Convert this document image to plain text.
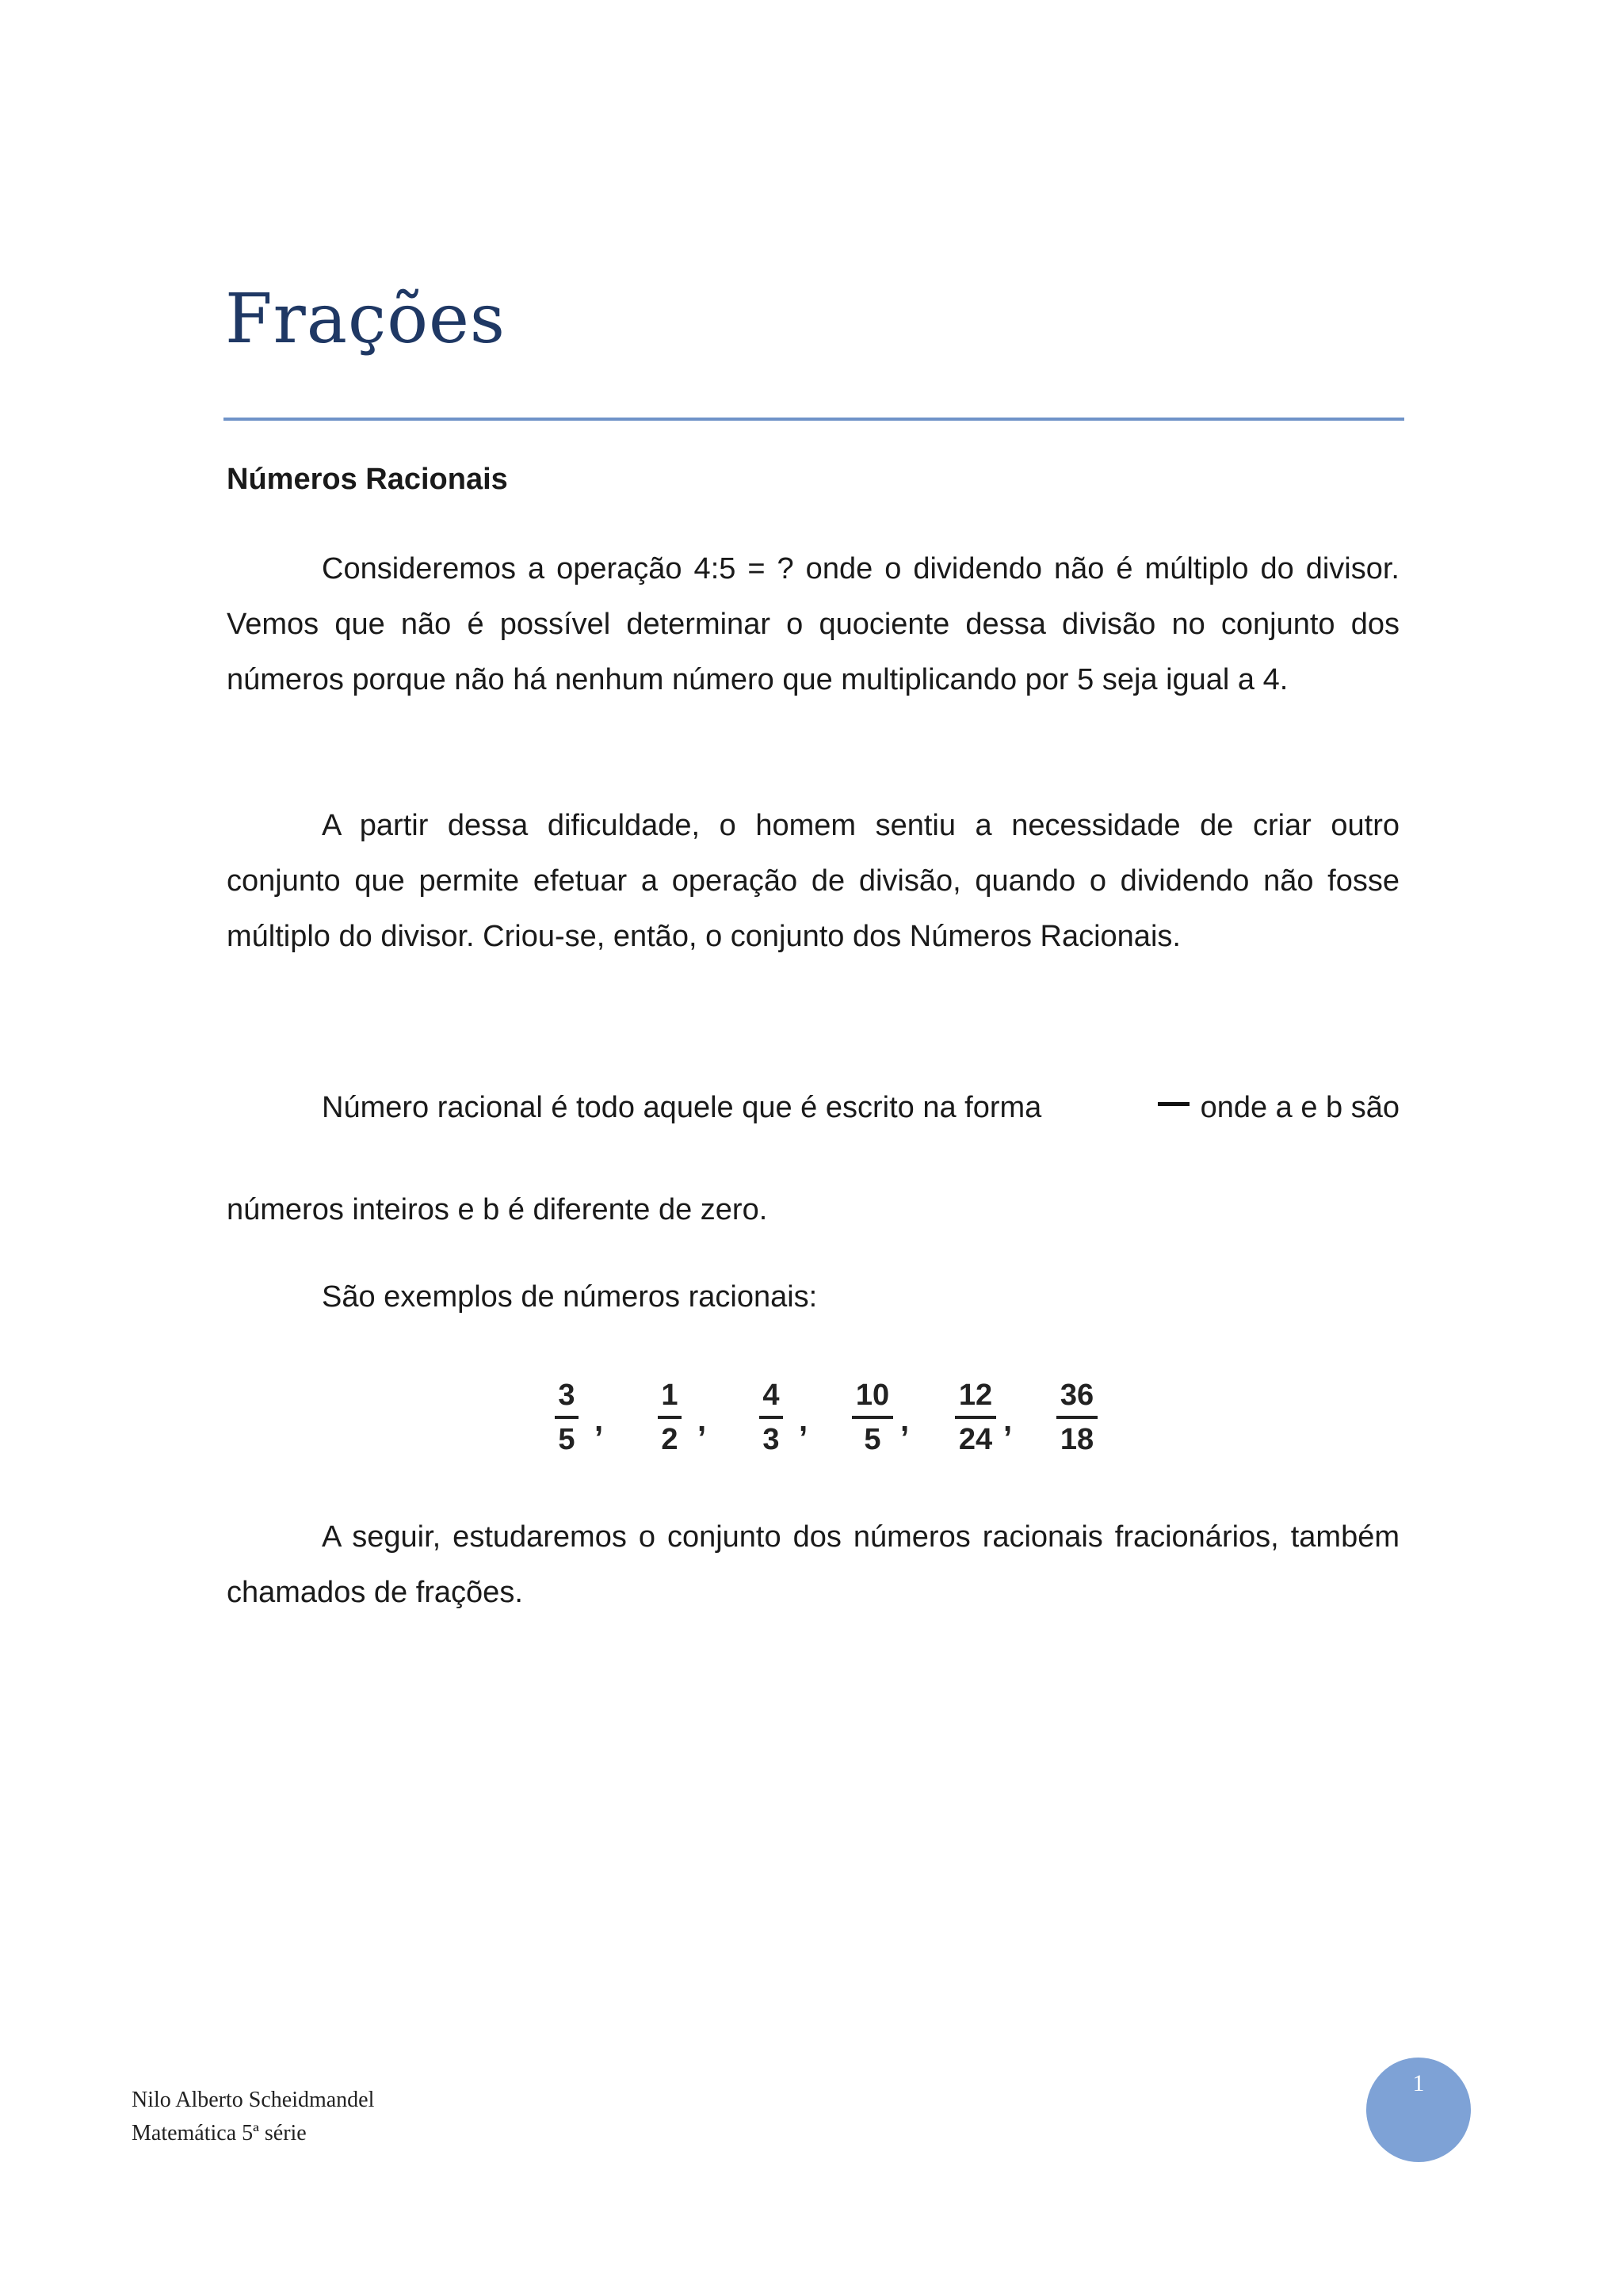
Frações
Números Racionais

Consideremos a operação 4:5 = ? onde o dividendo não é múltiplo do divisor. Vemos que não é possível determinar o quociente dessa divisão no conjunto dos números porque não há nenhum número que multiplicando por 5 seja igual a 4.

A partir dessa dificuldade, o homem sentiu a necessidade de criar outro conjunto que permite efetuar a operação de divisão, quando o dividendo não fosse múltiplo do divisor. Criou-se, então, o conjunto dos Números Racionais.

Número racional é todo aquele que é escrito na forma	onde a e b são

números inteiros e b é diferente de zero.

São exemplos de números racionais:

3
5
,
1
2
,
4
3
,
10
5
,
12
24
,
36
18

A seguir, estudaremos o conjunto dos números racionais fracionários, também chamados de frações.

Nilo Alberto Scheidmandel
Matemática 5ª série
1
